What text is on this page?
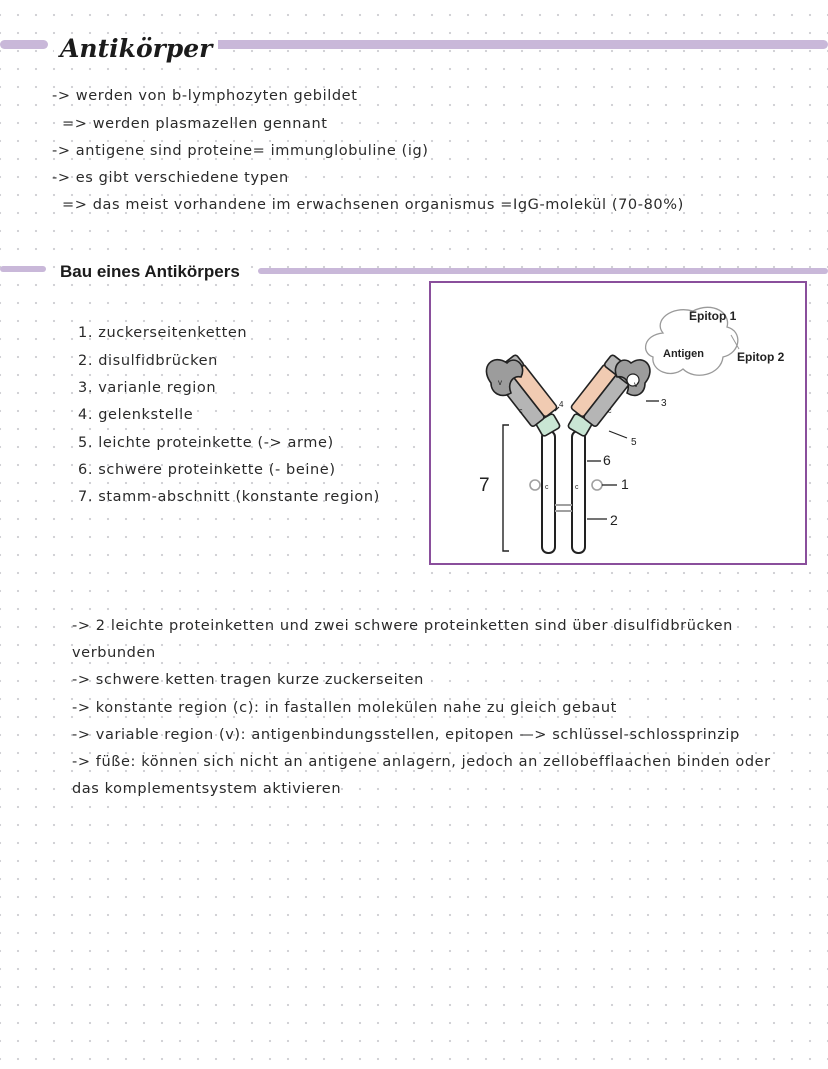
Antikörper
-> werden von b-lymphozyten gebildet
=> werden plasmazellen gennant
-> antigene sind proteine= immunglobuline (ig)
-> es gibt verschiedene typen
=> das meist vorhandene im erwachsenen organismus =IgG-molekül (70-80%)
Bau eines Antikörpers
1. zuckerseitenketten
2. disulfidbrücken
3. varianle region
4. gelenkstelle
5. leichte proteinkette (-> arme)
6. schwere proteinkette (- beine)
7. stamm-abschnitt (konstante region)
v	v
c	c
c	c	1
2
3
4
5
6
7
Epitop 1
Antigen	Epitop 2
-> 2 leichte proteinketten und zwei schwere proteinketten sind über disulfidbrücken
verbunden
-> schwere ketten tragen kurze zuckerseiten
-> konstante region (c): in fastallen molekülen nahe zu gleich gebaut
-> variable region (v): antigenbindungsstellen, epitopen —> schlüssel-schlossprinzip
-> füße: können sich nicht an antigene anlagern, jedoch an zellobefflaachen binden oder
das komplementsystem aktivieren
